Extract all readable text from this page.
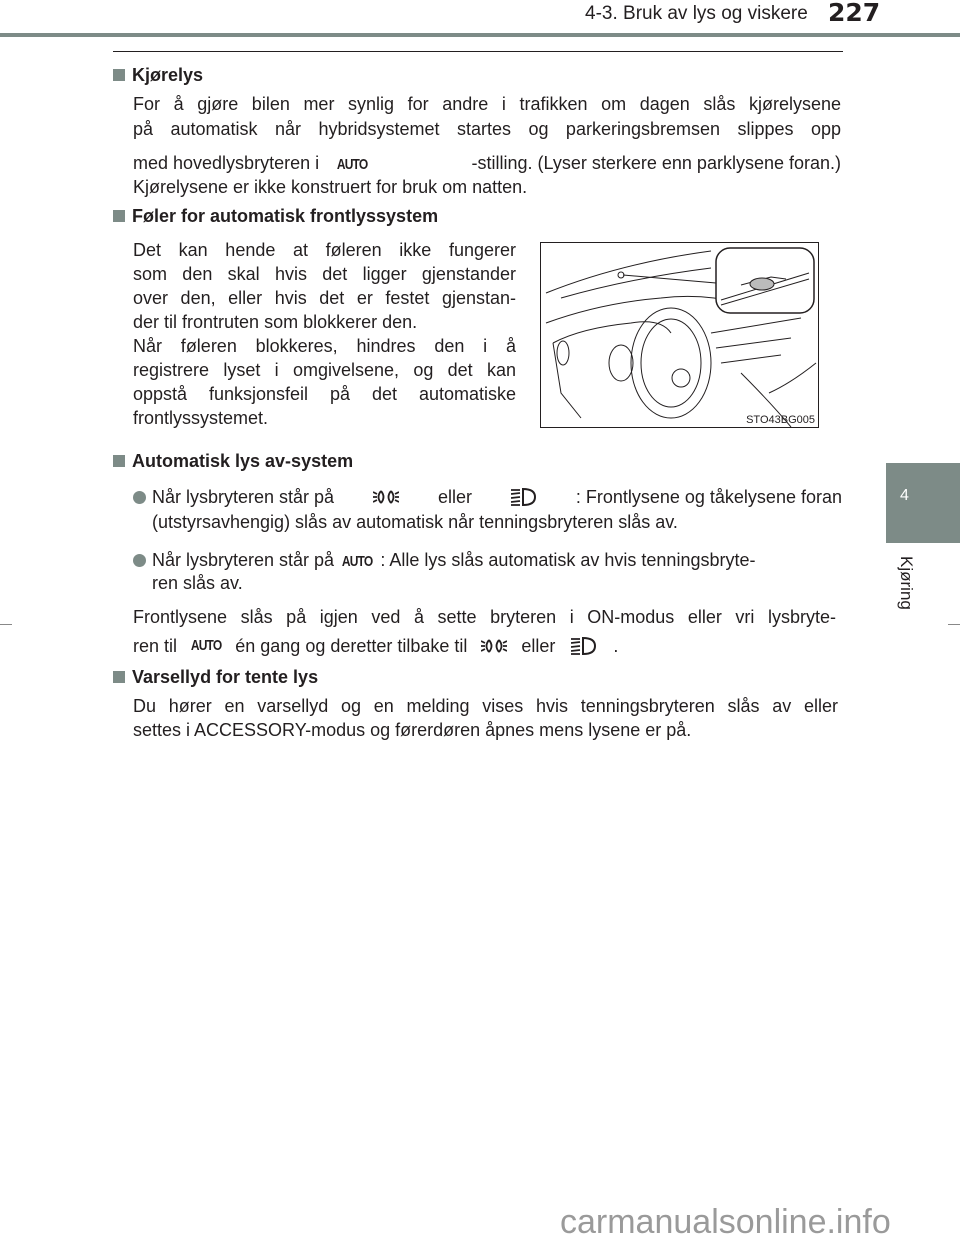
4-3. Bruk av lys og viskere 227
4
Kjøring
Kjørelys
For å gjøre bilen mer synlig for andre i trafikken om dagen slås kjørelysene
på automatisk når hybridsystemet startes og parkeringsbremsen slippes opp
med hovedlysbryteren i AUTO	-stilling. (Lyser sterkere enn parklysene foran.)
Kjørelysene er ikke konstruert for bruk om natten.
Føler for automatisk frontlyssystem
Det kan hende at føleren ikke fungerer
som den skal hvis det ligger gjenstander
over den, eller hvis det er festet gjenstan-
der til frontruten som blokkerer den.
Når føleren blokkeres, hindres den i å
registrere lyset i omgivelsene, og det kan
oppstå funksjonsfeil på det automatiske
frontlyssystemet.	STO43BG005
Automatisk lys av-system
Når lysbryteren står på	eller	: Frontlysene og tåkelysene foran
(utstyrsavhengig) slås av automatisk når tenningsbryteren slås av.
Når lysbryteren står på AUTO : Alle lys slås automatisk av hvis tenningsbryte-
ren slås av.
Frontlysene slås på igjen ved å sette bryteren i ON-modus eller vri lysbryte-
ren til AUTO én gang og deretter tilbake til	eller	.
Varsellyd for tente lys
Du hører en varsellyd og en melding vises hvis tenningsbryteren slås av eller
settes i ACCESSORY-modus og førerdøren åpnes mens lysene er på.
carmanualsonline.info
